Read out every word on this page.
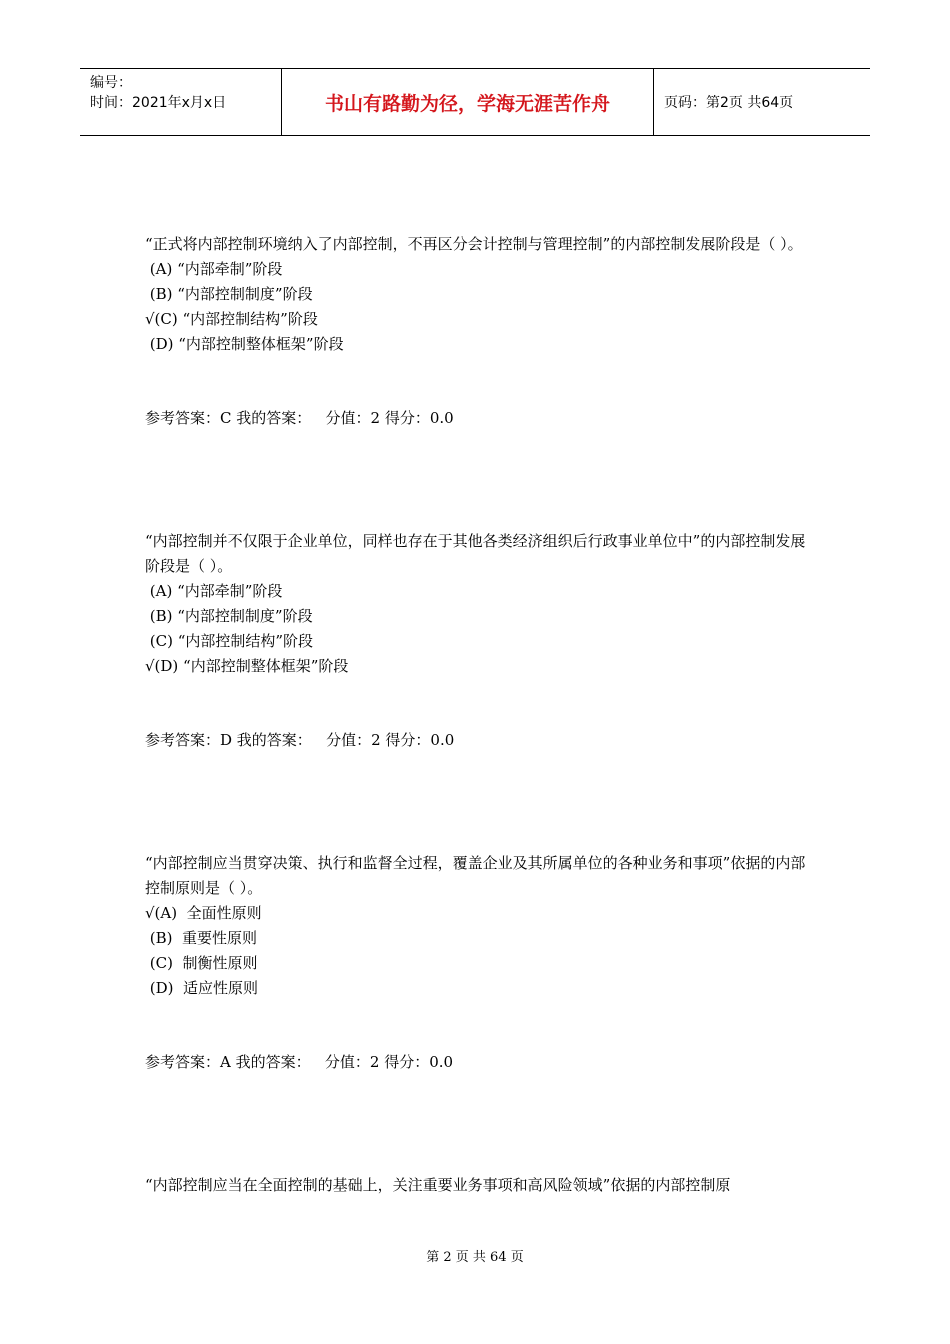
编号：
时间：2021年x月x日	书山有路勤为径，学海无涯苦作舟	页码：第2页 共64页

“正式将内部控制环境纳入了内部控制，不再区分会计控制与管理控制”的内部控制发展阶段是（ ）。

(A) “内部牵制”阶段
(B) “内部控制制度”阶段
√(C) “内部控制结构”阶段
(D) “内部控制整体框架”阶段
参考答案：C 我的答案：   分值：2 得分：0.0

“内部控制并不仅限于企业单位，同样也存在于其他各类经济组织后行政事业单位中”的内部控制发展阶段是（ ）。

(A) “内部牵制”阶段
(B) “内部控制制度”阶段
(C) “内部控制结构”阶段
√(D) “内部控制整体框架”阶段
参考答案：D 我的答案：   分值：2 得分：0.0

“内部控制应当贯穿决策、执行和监督全过程，覆盖企业及其所属单位的各种业务和事项”依据的内部控制原则是（ ）。

√(A)  全面性原则
(B)  重要性原则
(C)  制衡性原则
(D)  适应性原则
参考答案：A 我的答案：   分值：2 得分：0.0

“内部控制应当在全面控制的基础上，关注重要业务事项和高风险领域”依据的内部控制原

第 2 页 共 64 页
